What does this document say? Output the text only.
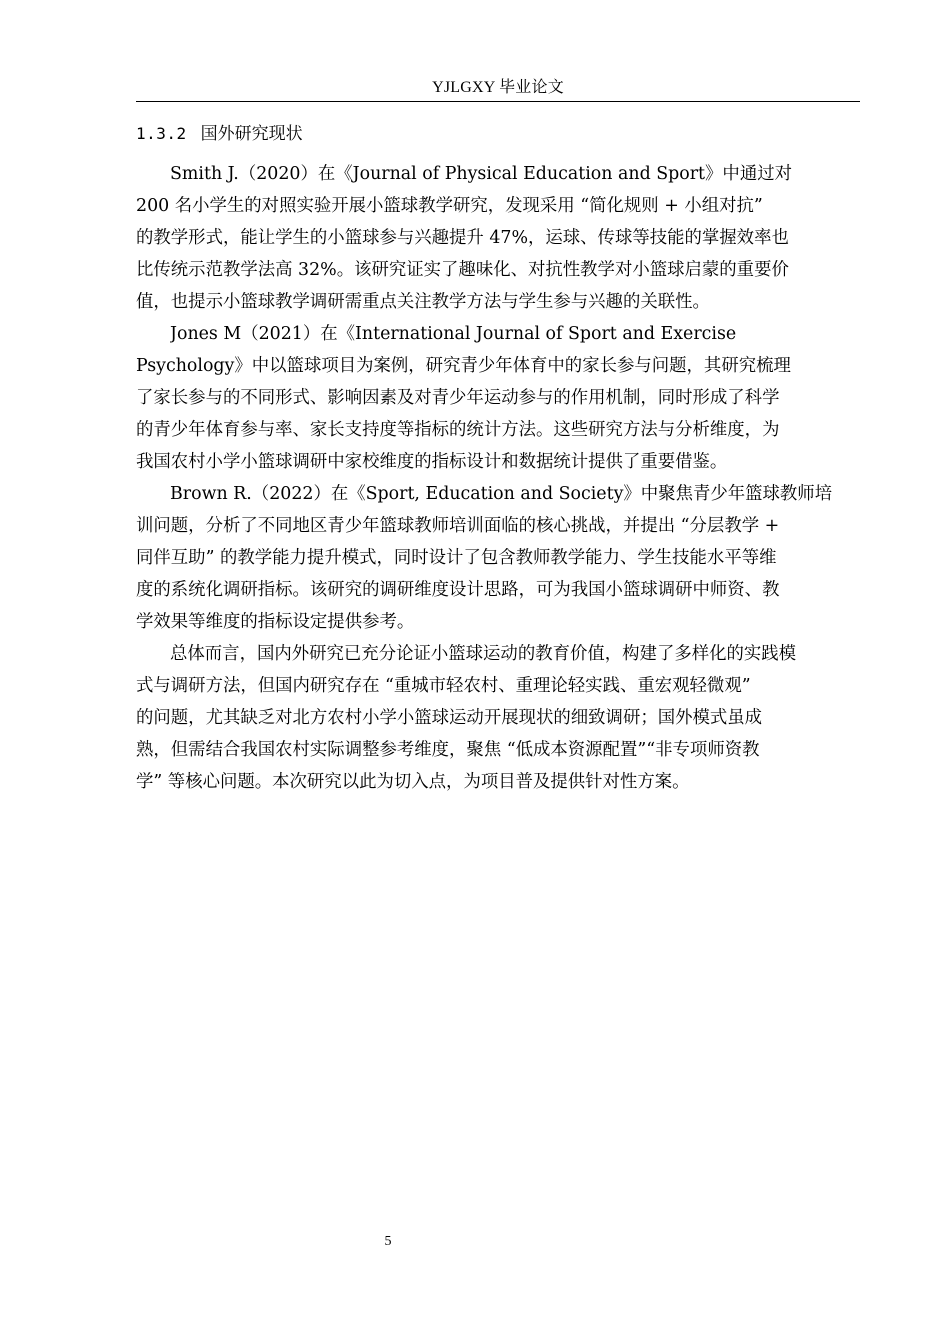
YJLGXY 毕业论文
1.3.2 国外研究现状
Smith J.（2020）在《Journal of Physical Education and Sport》中通过对
200 名小学生的对照实验开展小篮球教学研究，发现采用 “简化规则 + 小组对抗”
的教学形式，能让学生的小篮球参与兴趣提升 47%，运球、传球等技能的掌握效率也
比传统示范教学法高 32%。该研究证实了趣味化、对抗性教学对小篮球启蒙的重要价
值，也提示小篮球教学调研需重点关注教学方法与学生参与兴趣的关联性。
Jones M（2021）在《International Journal of Sport and Exercise
Psychology》中以篮球项目为案例，研究青少年体育中的家长参与问题，其研究梳理
了家长参与的不同形式、影响因素及对青少年运动参与的作用机制，同时形成了科学
的青少年体育参与率、家长支持度等指标的统计方法。这些研究方法与分析维度，为
我国农村小学小篮球调研中家校维度的指标设计和数据统计提供了重要借鉴。
Brown R.（2022）在《Sport, Education and Society》中聚焦青少年篮球教师培
训问题，分析了不同地区青少年篮球教师培训面临的核心挑战，并提出 “分层教学 +
同伴互助” 的教学能力提升模式，同时设计了包含教师教学能力、学生技能水平等维
度的系统化调研指标。该研究的调研维度设计思路，可为我国小篮球调研中师资、教
学效果等维度的指标设定提供参考。
总体而言，国内外研究已充分论证小篮球运动的教育价值，构建了多样化的实践模
式与调研方法，但国内研究存在 “重城市轻农村、重理论轻实践、重宏观轻微观”
的问题，尤其缺乏对北方农村小学小篮球运动开展现状的细致调研；国外模式虽成
熟，但需结合我国农村实际调整参考维度，聚焦 “低成本资源配置”“非专项师资教
学” 等核心问题。本次研究以此为切入点，为项目普及提供针对性方案。
5
